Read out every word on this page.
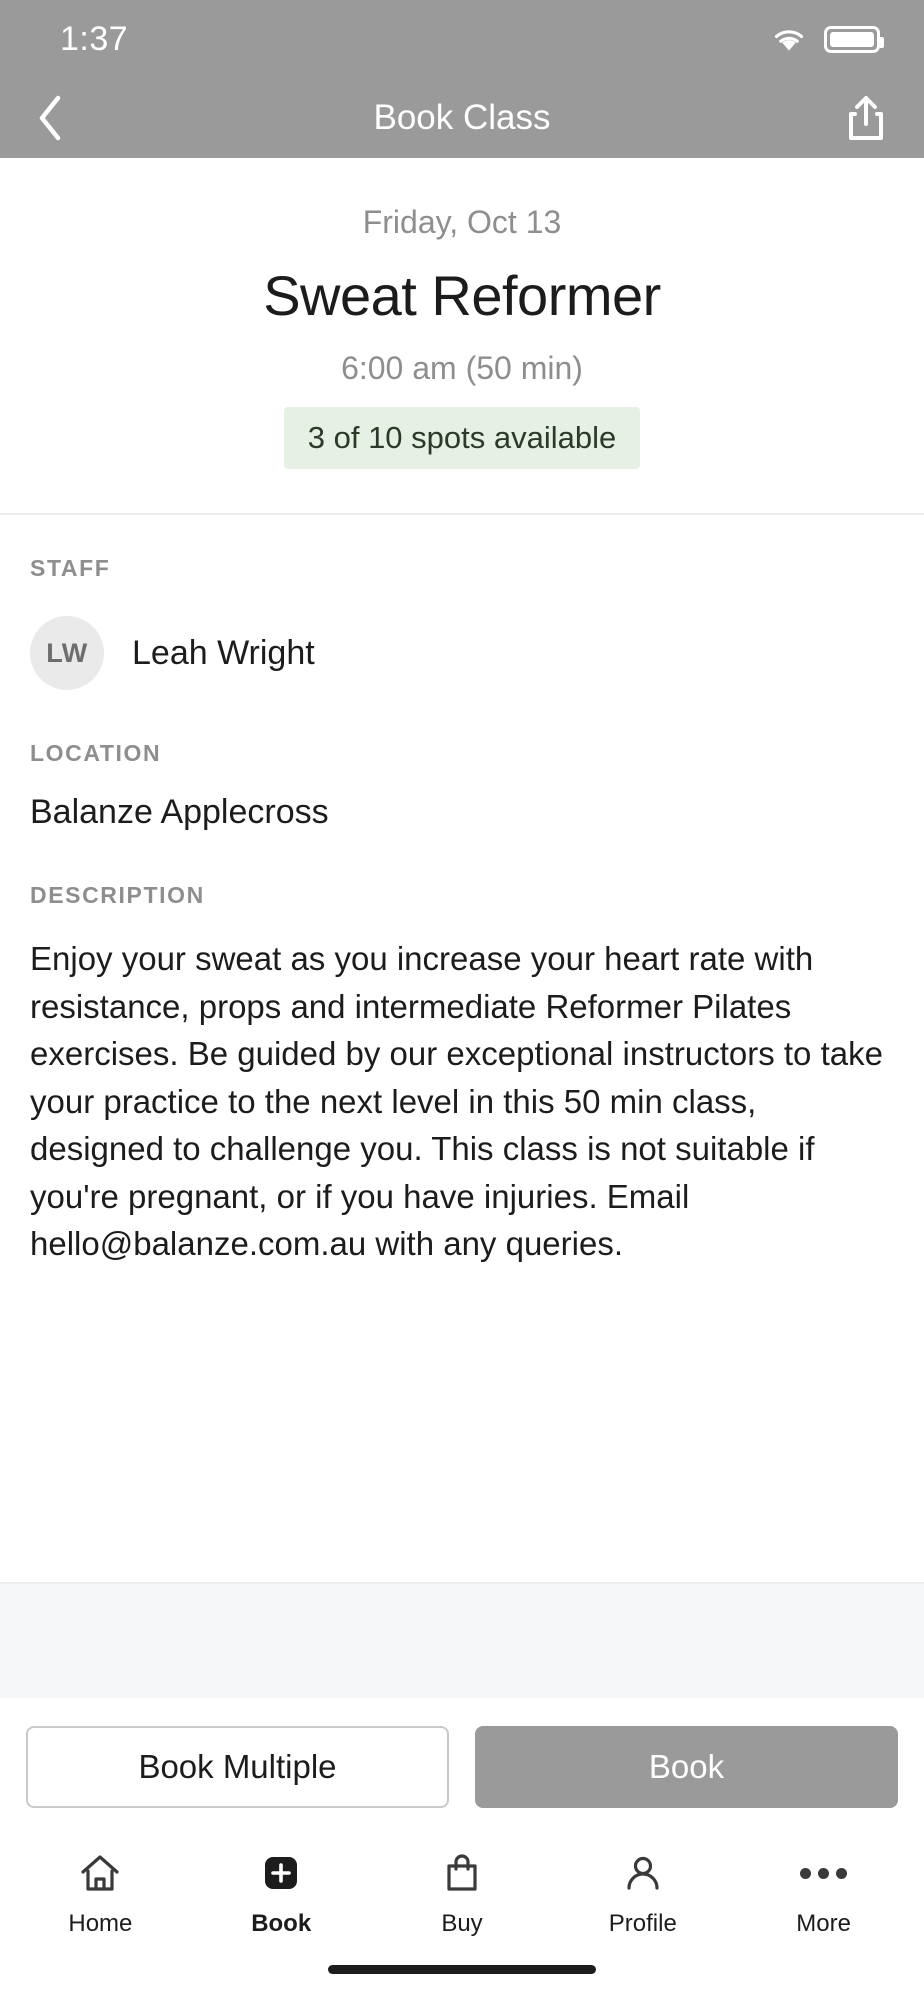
1:37
Book Class
Friday, Oct 13
Sweat Reformer
6:00 am (50 min)
3 of 10 spots available
STAFF
LW	Leah Wright
LOCATION
Balanze Applecross
DESCRIPTION
Enjoy your sweat as you increase your heart rate with resistance, props and intermediate Reformer Pilates exercises. Be guided by our exceptional instructors to take your practice to the next level in this 50 min class, designed to challenge you. This class is not suitable if you're pregnant, or if you have injuries. Email hello@balanze.com.au with any queries.
Book Multiple	Book
Home	Book	Buy	Profile	More
